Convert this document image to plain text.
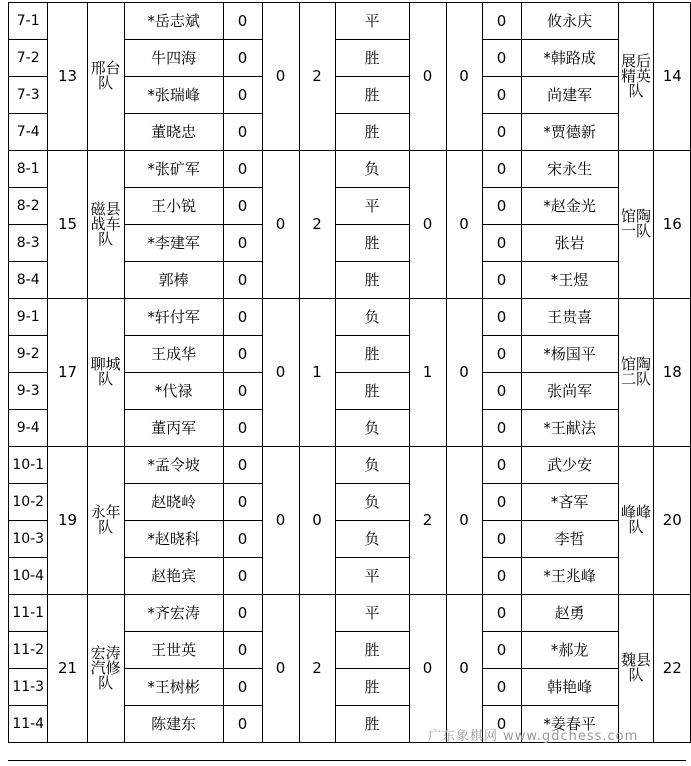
7-1	13	邢台队	*岳志斌	0	0	2	平	0	0	0	攸永庆	展后精英队	14
7-2			牛四海	0			胜			0	*韩路成		
7-3			*张瑞峰	0			胜			0	尚建军		
7-4			董晓忠	0			胜			0	*贾德新		
8-1	15	磁县战车队	*张矿军	0	0	2	负	0	0	0	宋永生	馆陶一队	16
8-2			王小锐	0			平			0	*赵金光		
8-3			*李建军	0			胜			0	张岩		
8-4			郭棒	0			胜			0	*王煜		
9-1	17	聊城队	*轩付军	0	0	1	负	1	0	0	王贵喜	馆陶二队	18
9-2			王成华	0			胜			0	*杨国平		
9-3			*代禄	0			胜			0	张尚军		
9-4			董丙军	0			负			0	*王献法		
10-1	19	永年队	*孟令坡	0	0	0	负	2	0	0	武少安	峰峰队	20
10-2			赵晓岭	0			负			0	*吝军		
10-3			*赵晓科	0			负			0	李哲		
10-4			赵艳宾	0			平			0	*王兆峰		
11-1	21	宏涛汽修队	*齐宏涛	0	0	2	平	0	0	0	赵勇	魏县队	22
11-2			王世英	0			胜			0	*郝龙		
11-3			*王树彬	0			胜			0	韩艳峰		
11-4			陈建东	0			胜			0	*姜春平		
广东象棋网 www.gdchess.com
